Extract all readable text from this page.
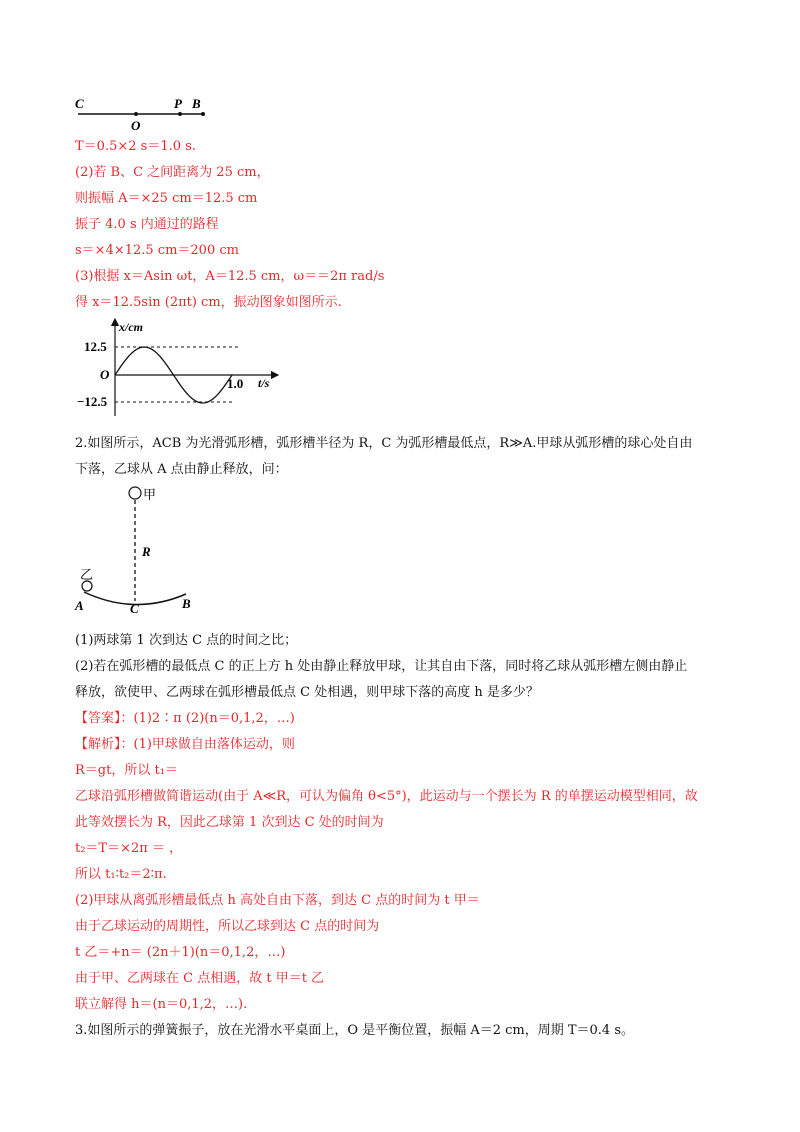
C	P B
O
T＝0.5×2 s＝1.0 s.
(2)若 B、C 之间距离为 25 cm，
则振幅 A＝×25 cm＝12.5 cm
振子 4.0 s 内通过的路程
s＝×4×12.5 cm＝200 cm
(3)根据 x＝Asin ωt，A＝12.5 cm，ω＝＝2π rad/s
得 x＝12.5sin (2πt) cm，振动图象如图所示.
x/cm
t/s
12.5
−12.5
O
1.0
2.如图所示，ACB 为光滑弧形槽，弧形槽半径为 R，C 为弧形槽最低点，R≫A.甲球从弧形槽的球心处自由
下落，乙球从 A 点由静止释放，问：
甲
R
乙
A	C	B
(1)两球第 1 次到达 C 点的时间之比；
(2)若在弧形槽的最低点 C 的正上方 h 处由静止释放甲球，让其自由下落，同时将乙球从弧形槽左侧由静止
释放，欲使甲、乙两球在弧形槽最低点 C 处相遇，则甲球下落的高度 h 是多少？
【答案】：(1)2∶π (2)(n＝0,1,2，…)
【解析】：(1)甲球做自由落体运动，则
R＝gt，所以 t₁＝
乙球沿弧形槽做简谐运动(由于 A≪R，可认为偏角 θ<5°)，此运动与一个摆长为 R 的单摆运动模型相同，故
此等效摆长为 R，因此乙球第 1 次到达 C 处的时间为
t₂＝T＝×2π ＝ ，
所以 t₁∶t₂＝2∶π.
(2)甲球从离弧形槽最低点 h 高处自由下落，到达 C 点的时间为 t 甲＝
由于乙球运动的周期性，所以乙球到达 C 点的时间为
t 乙＝+n＝ (2n＋1)(n＝0,1,2，…)
由于甲、乙两球在 C 点相遇，故 t 甲＝t 乙
联立解得 h＝(n＝0,1,2，…).
3.如图所示的弹簧振子，放在光滑水平桌面上，O 是平衡位置，振幅 A＝2 cm，周期 T＝0.4 s。
